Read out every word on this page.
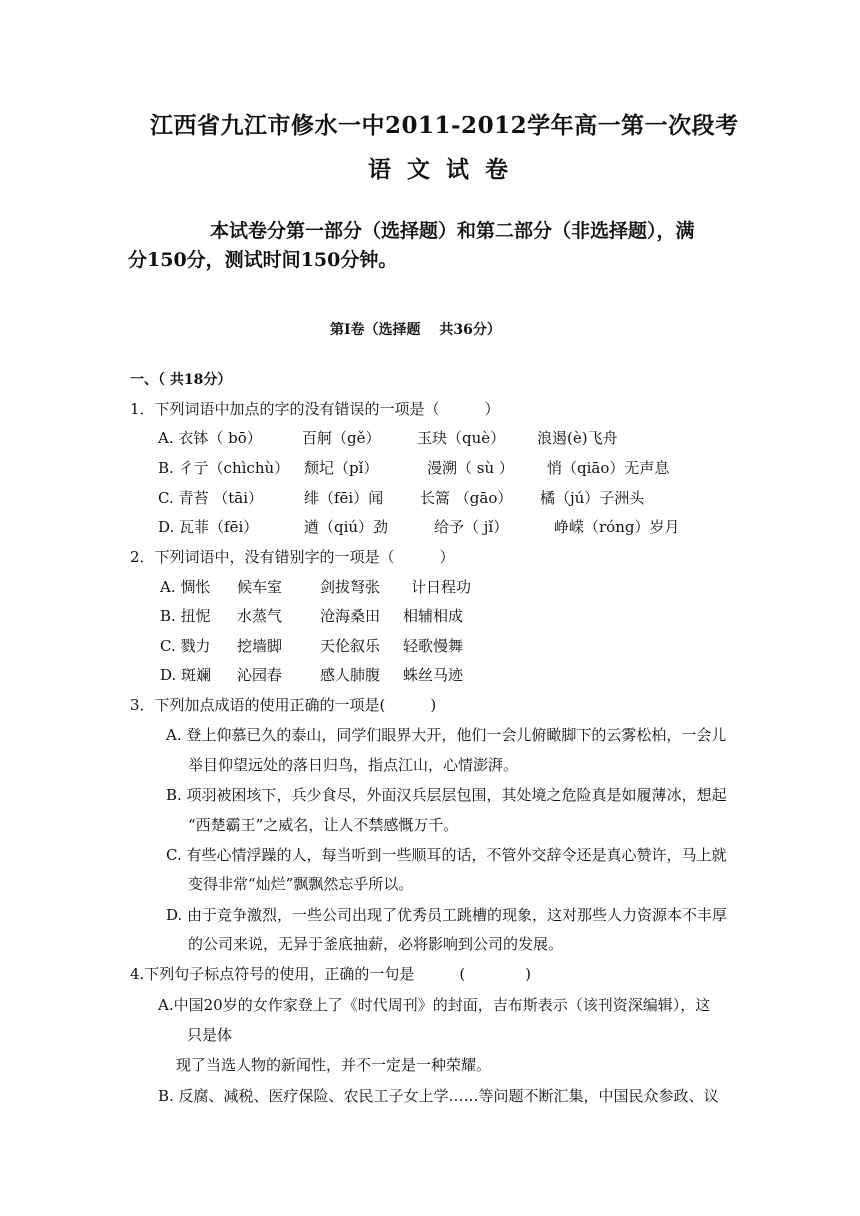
江西省九江市修水一中2011-2012学年高一第一次段考
语 文 试 卷
本试卷分第一部分（选择题）和第二部分（非选择题），满
分150分，测试时间150分钟。
第Ⅰ卷（选择题　 共36分）
一、（ 共18分）
1．下列词语中加点的字的没有错误的一项是（　　　）
A. 衣钵（ bō）	百舸（gě） 玉玦（què） 浪遏(è)飞舟
B. 彳亍（chìchù） 颓圮（pǐ）	漫溯（ sù ） 悄（qiāo）无声息
C. 青苔 （tāi）	绯（fēi）闻 长篙 （gāo） 橘（jú）子洲头
D. 瓦菲（fēi）	遒（qiú）劲	给予（ jǐ）	峥嵘（róng）岁月
2．下列词语中，没有错别字的一项是（　　　）
A. 惆怅 候车室	剑拔弩张 计日程功
B. 扭怩 水蒸气	沧海桑田 相辅相成
C. 戮力 挖墙脚	天伦叙乐 轻歌慢舞
D. 斑斓 沁园春	感人肺腹 蛛丝马迹
3．下列加点成语的使用正确的一项是(　　　)
A. 登上仰慕已久的泰山，同学们眼界大开，他们一会儿俯瞰脚下的云雾松柏，一会儿
举目仰望远处的落日归鸟，指点江山，心情澎湃。
B. 项羽被困垓下，兵少食尽，外面汉兵层层包围，其处境之危险真是如履薄冰，想起
“西楚霸王”之威名，让人不禁感慨万千。
C. 有些心情浮躁的人，每当听到一些顺耳的话，不管外交辞令还是真心赞许，马上就
变得非常“灿烂”飘飘然忘乎所以。
D. 由于竞争激烈，一些公司出现了优秀员工跳槽的现象，这对那些人力资源本不丰厚
的公司来说，无异于釜底抽薪，必将影响到公司的发展。
4.下列句子标点符号的使用，正确的一句是　　　(　　　　)
A.中国20岁的女作家登上了《时代周刊》的封面，吉布斯表示（该刊资深编辑），这
只是体
现了当选人物的新闻性，并不一定是一种荣耀。
B. 反腐、减税、医疗保险、农民工子女上学……等问题不断汇集，中国民众参政、议
